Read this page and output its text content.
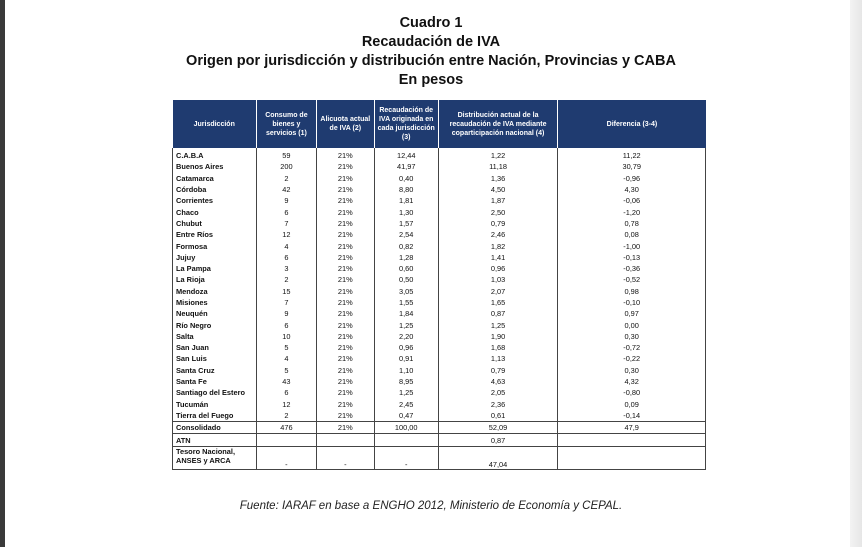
Cuadro 1
Recaudación de IVA
Origen por jurisdicción y distribución entre Nación, Provincias y CABA
En pesos
Jurisdicción	Consumo de bienes y servicios (1)	Alicuota actual de IVA (2)	Recaudación de IVA originada en cada jurisdicción (3)	Distribución actual de la recaudación de IVA mediante coparticipación nacional (4)	Diferencia (3-4)
C.A.B.A	59	21%	12,44	1,22	11,22
Buenos Aires	200	21%	41,97	11,18	30,79
Catamarca	2	21%	0,40	1,36	-0,96
Córdoba	42	21%	8,80	4,50	4,30
Corrientes	9	21%	1,81	1,87	-0,06
Chaco	6	21%	1,30	2,50	-1,20
Chubut	7	21%	1,57	0,79	0,78
Entre Ríos	12	21%	2,54	2,46	0,08
Formosa	4	21%	0,82	1,82	-1,00
Jujuy	6	21%	1,28	1,41	-0,13
La Pampa	3	21%	0,60	0,96	-0,36
La Rioja	2	21%	0,50	1,03	-0,52
Mendoza	15	21%	3,05	2,07	0,98
Misiones	7	21%	1,55	1,65	-0,10
Neuquén	9	21%	1,84	0,87	0,97
Río Negro	6	21%	1,25	1,25	0,00
Salta	10	21%	2,20	1,90	0,30
San Juan	5	21%	0,96	1,68	-0,72
San Luis	4	21%	0,91	1,13	-0,22
Santa Cruz	5	21%	1,10	0,79	0,30
Santa Fe	43	21%	8,95	4,63	4,32
Santiago del Estero	6	21%	1,25	2,05	-0,80
Tucumán	12	21%	2,45	2,36	0,09
Tierra del Fuego	2	21%	0,47	0,61	-0,14
Consolidado	476	21%	100,00	52,09	47,9
ATN				0,87	
Tesoro Nacional, ANSES y ARCA	-	-	-	47,04	
Fuente: IARAF en base a ENGHO 2012, Ministerio de Economía y CEPAL.
